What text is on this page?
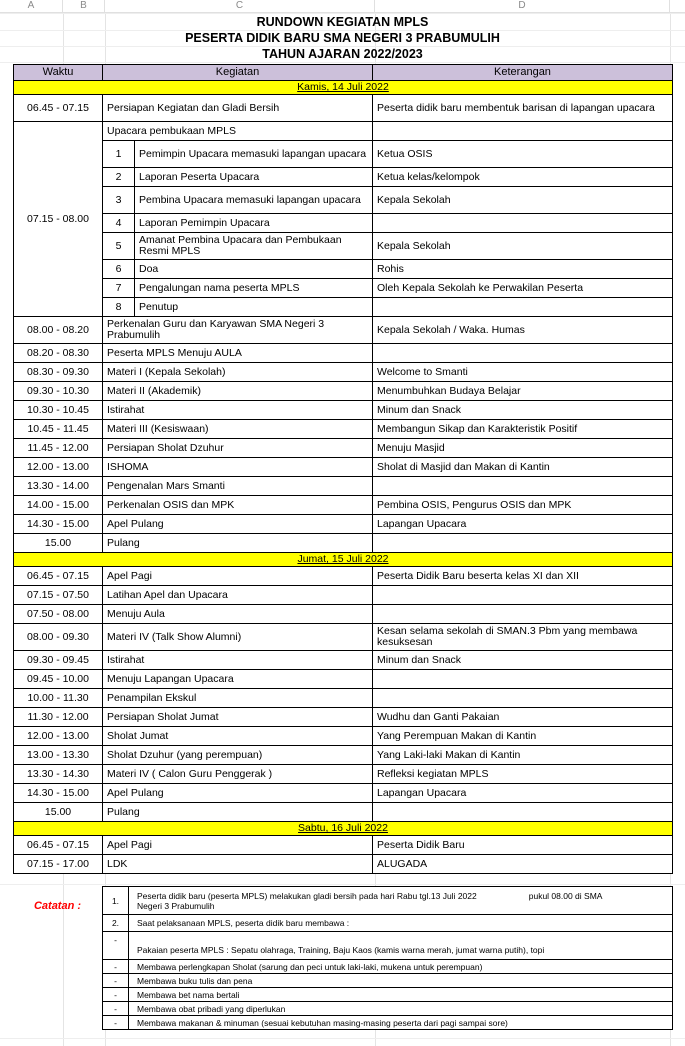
A	B	C	D
RUNDOWN KEGIATAN MPLS
PESERTA DIDIK BARU SMA NEGERI 3 PRABUMULIH
TAHUN AJARAN 2022/2023
Waktu	Kegiatan		Keterangan
Kamis, 14 Juli 2022			
06.45 - 07.15	Persiapan Kegiatan dan Gladi Bersih		Peserta didik baru membentuk barisan di lapangan upacara
07.15 - 08.00	Upacara pembukaan MPLS		
	1	Pemimpin Upacara memasuki lapangan upacara	Ketua OSIS
	2	Laporan Peserta Upacara	Ketua kelas/kelompok
	3	Pembina Upacara memasuki lapangan upacara	Kepala Sekolah
	4	Laporan Pemimpin Upacara	
	5	Amanat Pembina Upacara dan Pembukaan Resmi MPLS	Kepala Sekolah
	6	Doa	Rohis
	7	Pengalungan nama peserta MPLS	Oleh Kepala Sekolah ke Perwakilan Peserta
	8	Penutup	
08.00 - 08.20	Perkenalan Guru dan Karyawan SMA Negeri 3 Prabumulih		Kepala Sekolah / Waka. Humas
08.20 - 08.30	Peserta MPLS Menuju AULA		
08.30 - 09.30	Materi I (Kepala Sekolah)		Welcome to Smanti
09.30 - 10.30	Materi II (Akademik)		Menumbuhkan Budaya Belajar
10.30 - 10.45	Istirahat		Minum dan Snack
10.45 - 11.45	Materi III (Kesiswaan)		Membangun Sikap dan Karakteristik Positif
11.45 - 12.00	Persiapan Sholat Dzuhur		Menuju Masjid
12.00 - 13.00	ISHOMA		Sholat di Masjid dan Makan di Kantin
13.30 - 14.00	Pengenalan Mars Smanti		
14.00 - 15.00	Perkenalan OSIS dan MPK		Pembina OSIS, Pengurus OSIS dan MPK
14.30 - 15.00	Apel Pulang		Lapangan Upacara
15.00	Pulang		
Jumat, 15 Juli 2022			
06.45 - 07.15	Apel Pagi		Peserta Didik Baru beserta kelas XI dan XII
07.15 - 07.50	Latihan Apel dan Upacara		
07.50 - 08.00	Menuju Aula		
08.00 - 09.30	Materi IV (Talk Show Alumni)		Kesan selama sekolah di SMAN.3 Pbm yang membawa kesuksesan
09.30 - 09.45	Istirahat		Minum dan Snack
09.45 - 10.00	Menuju Lapangan Upacara		
10.00 - 11.30	Penampilan Ekskul		
11.30 - 12.00	Persiapan Sholat Jumat		Wudhu dan Ganti Pakaian
12.00 - 13.00	Sholat Jumat		Yang Perempuan Makan di Kantin
13.00 - 13.30	Sholat Dzuhur (yang perempuan)		Yang Laki-laki Makan di Kantin
13.30 - 14.30	Materi IV ( Calon Guru Penggerak )		Refleksi kegiatan MPLS
14.30 - 15.00	Apel Pulang		Lapangan Upacara
15.00	Pulang		
Sabtu, 16 Juli 2022			
06.45 - 07.15	Apel Pagi		Peserta Didik Baru
07.15 - 17.00	LDK		ALUGADA
Catatan :	1.	Peserta didik baru (peserta MPLS) melakukan gladi bersih pada hari Rabu tgl.13 Juli 2022 pukul 08.00 di SMA
Negeri 3 Prabumulih
2.	Saat pelaksanaan MPLS, peserta didik baru membawa :
-	Pakaian peserta MPLS : Sepatu olahraga, Training, Baju Kaos (kamis warna merah, jumat warna putih), topi
-	Membawa perlengkapan Sholat (sarung dan peci untuk laki-laki, mukena untuk perempuan)
-	Membawa buku tulis dan pena
-	Membawa bet nama bertali
-	Membawa obat pribadi yang diperlukan
-	Membawa makanan & minuman (sesuai kebutuhan masing-masing peserta dari pagi sampai sore)
